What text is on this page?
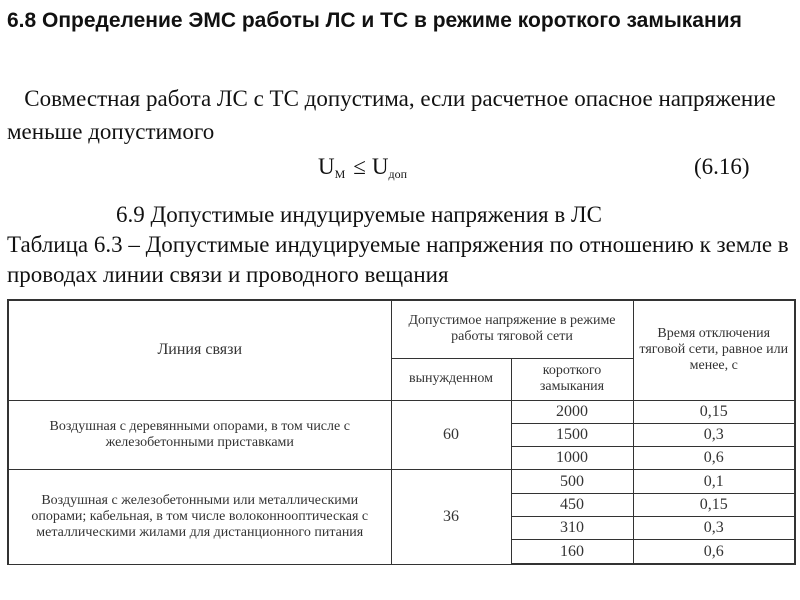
6.8 Определение ЭМС работы ЛС и ТС в режиме короткого замыкания

Совместная работа ЛС с ТС допустима, если расчетное опасное напряжение меньше допустимого

$U_М \le U_{доп}$	(6.16)
6.9 Допустимые индуцируемые напряжения в ЛС

Таблица 6.3 – Допустимые индуцируемые напряжения по отношению к земле в проводах линии связи и проводного вещания

Линия связи	Допустимое напряжение в режиме работы тяговой сети		Время отключения тяговой сети, равное или менее, с
	вынужденном	короткого замыкания	
Воздушная с деревянными опорами, в том числе с железобетонными приставками	60	2000	0,15
		1500	0,3
		1000	0,6
Воздушная с железобетонными или металлическими опорами; кабельная, в том числе волоконнооптическая с металлическими жилами для дистанционного питания	36	500	0,1
		450	0,15
		310	0,3
		160	0,6
